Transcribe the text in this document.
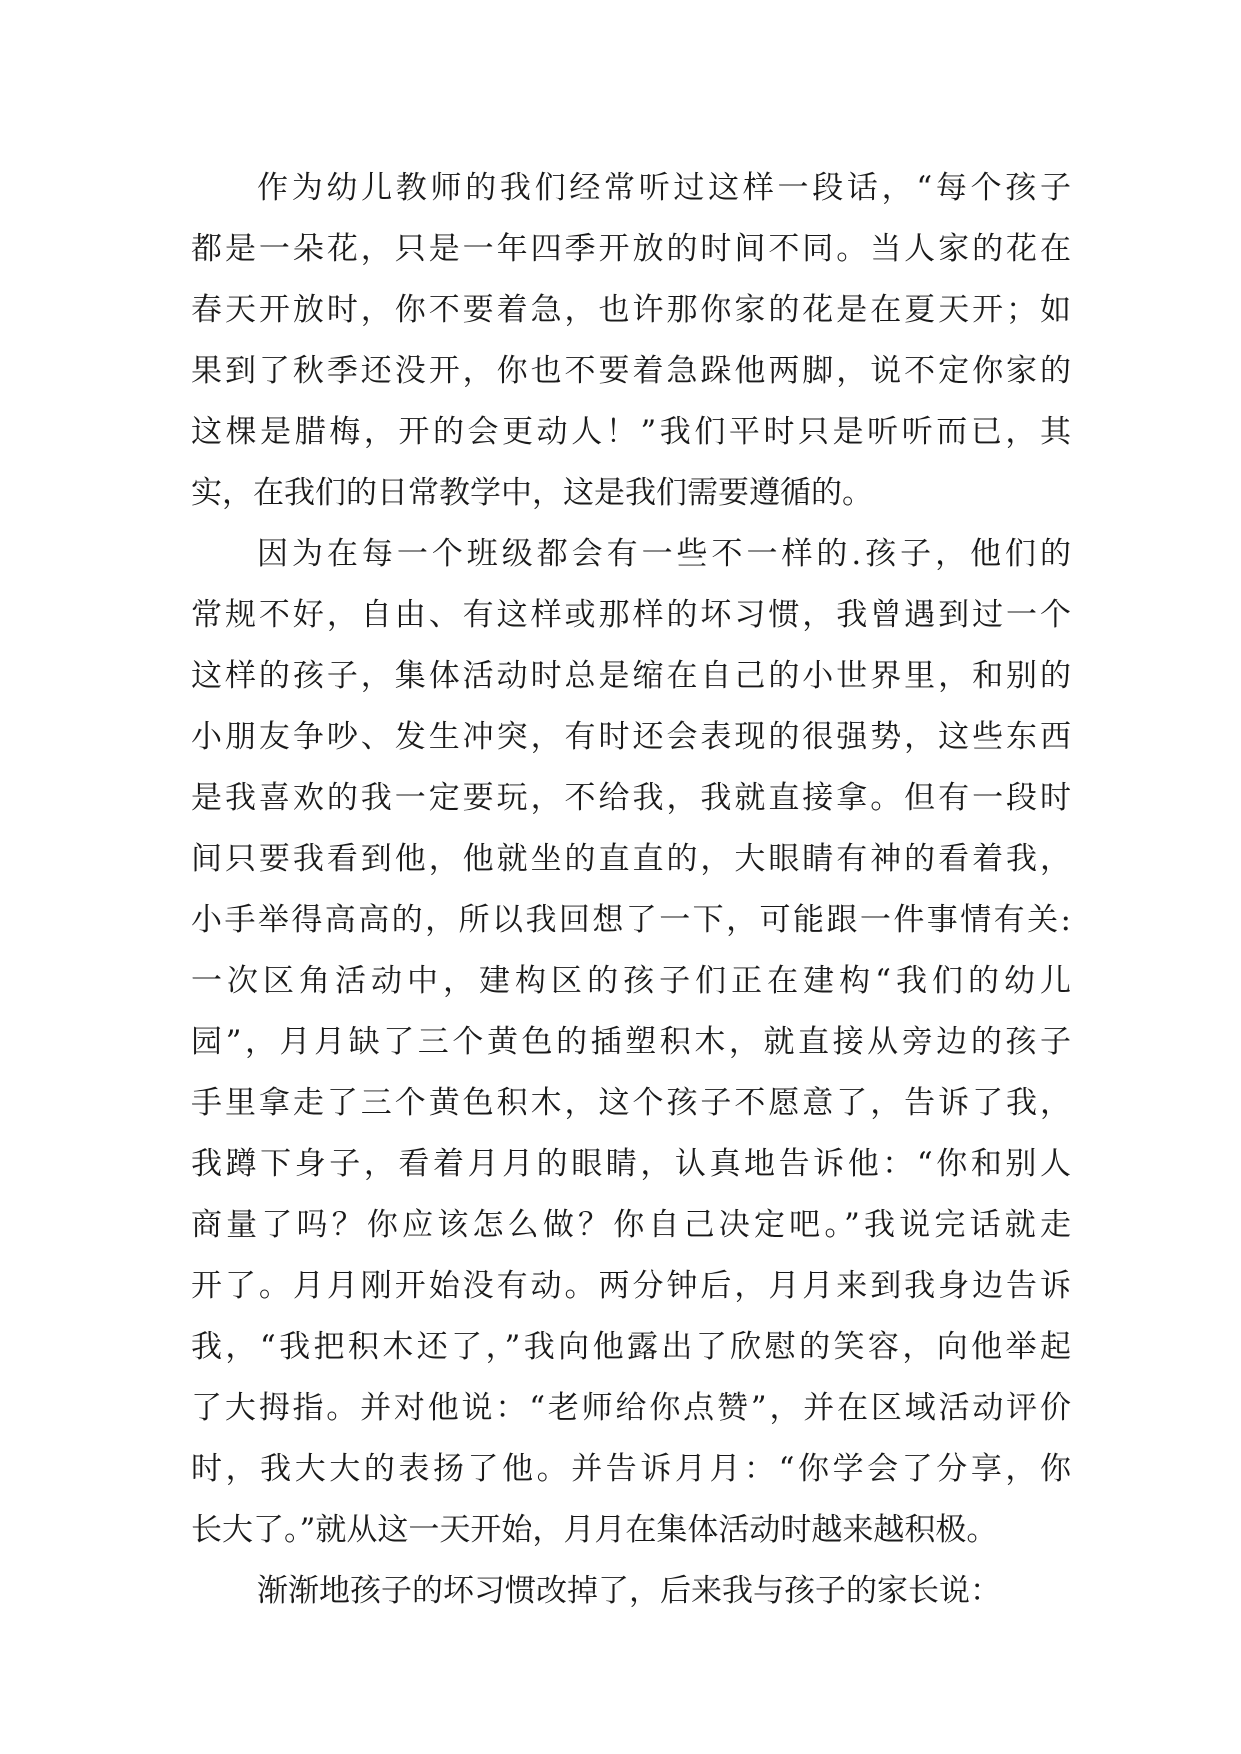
作为幼儿教师的我们经常听过这样一段话，“每个孩子
都是一朵花，只是一年四季开放的时间不同。当人家的花在
春天开放时，你不要着急，也许那你家的花是在夏天开；如
果到了秋季还没开，你也不要着急跺他两脚，说不定你家的
这棵是腊梅，开的会更动人！”我们平时只是听听而已，其
实，在我们的日常教学中，这是我们需要遵循的。
因为在每一个班级都会有一些不一样的.孩子，他们的
常规不好，自由、有这样或那样的坏习惯，我曾遇到过一个
这样的孩子，集体活动时总是缩在自己的小世界里，和别的
小朋友争吵、发生冲突，有时还会表现的很强势，这些东西
是我喜欢的我一定要玩，不给我，我就直接拿。但有一段时
间只要我看到他，他就坐的直直的，大眼睛有神的看着我，
小手举得高高的，所以我回想了一下，可能跟一件事情有关:
一次区角活动中，建构区的孩子们正在建构“我们的幼儿
园”，月月缺了三个黄色的插塑积木，就直接从旁边的孩子
手里拿走了三个黄色积木，这个孩子不愿意了，告诉了我，
我蹲下身子，看着月月的眼睛，认真地告诉他：“你和别人
商量了吗？你应该怎么做？你自己决定吧。”我说完话就走
开了。月月刚开始没有动。两分钟后，月月来到我身边告诉
我，“我把积木还了，”我向他露出了欣慰的笑容，向他举起
了大拇指。并对他说：“老师给你点赞”，并在区域活动评价
时，我大大的表扬了他。并告诉月月：“你学会了分享，你
长大了。”就从这一天开始，月月在集体活动时越来越积极。
渐渐地孩子的坏习惯改掉了，后来我与孩子的家长说：
